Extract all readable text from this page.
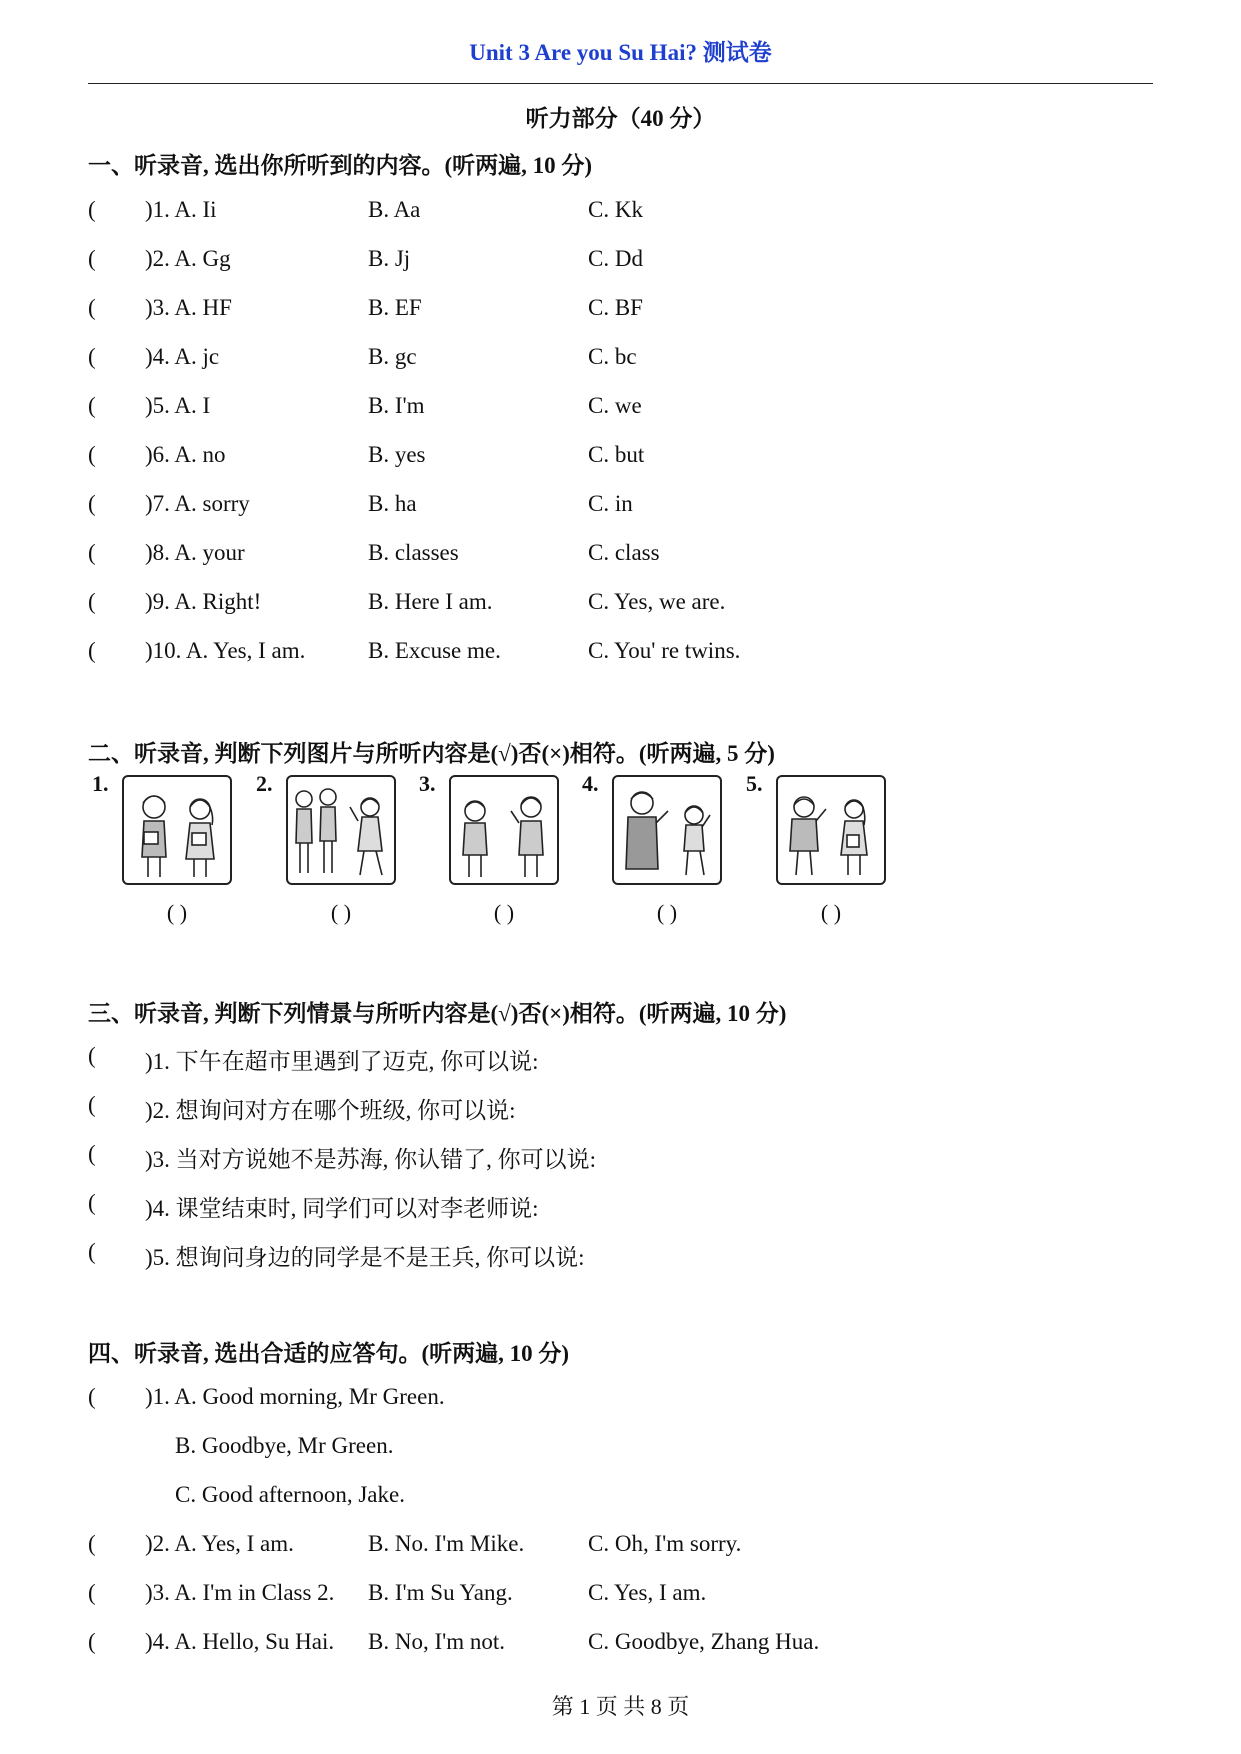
Unit 3 Are you Su Hai? 测试卷
听力部分（40 分）
一、听录音, 选出你所听到的内容。(听两遍, 10 分)
( )1. A. Ii	B. Aa	C. Kk
( )2. A. Gg	B. Jj	C. Dd
( )3. A. HF	B. EF	C. BF
( )4. A. jc	B. gc	C. bc
( )5. A. I	B. I'm	C. we
( )6. A. no	B. yes	C. but
( )7. A. sorry	B. ha	C. in
( )8. A. your	B. classes	C. class
( )9. A. Right!	B. Here I am.	C. Yes, we are.
( )10. A. Yes, I am.	B. Excuse me.	C. You' re twins.
二、听录音, 判断下列图片与所听内容是(√)否(×)相符。(听两遍, 5 分)
1.
( )
2.
( )
3.
( )
4.
( )
5.
( )
三、听录音, 判断下列情景与所听内容是(√)否(×)相符。(听两遍, 10 分)
( )1. 下午在超市里遇到了迈克, 你可以说:
( )2. 想询问对方在哪个班级, 你可以说:
( )3. 当对方说她不是苏海, 你认错了, 你可以说:
( )4. 课堂结束时, 同学们可以对李老师说:
( )5. 想询问身边的同学是不是王兵, 你可以说:
四、听录音, 选出合适的应答句。(听两遍, 10 分)
( )1. A. Good morning, Mr Green.
B. Goodbye, Mr Green.
C. Good afternoon, Jake.
( )2. A. Yes, I am.	B. No. I'm Mike.	C. Oh, I'm sorry.
( )3. A. I'm in Class 2. B. I'm Su Yang.	C. Yes, I am.
( )4. A. Hello, Su Hai. B. No, I'm not.	C. Goodbye, Zhang Hua.
第 1 页 共 8 页
